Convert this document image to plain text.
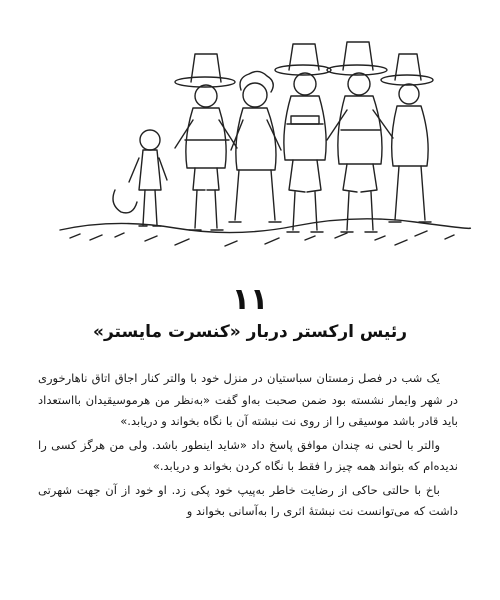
۱۱
رئیس ارکستر دربار «کنسرت مایستر»

یک شب در فصل زمستان سباستیان در منزل خود با والتر کنار اجاق اتاق ناهارخوری در شهر وایمار نشسته بود ضمن صحبت به‌او گفت «به‌نظر من هرموسیقیدان با‌استعداد باید قادر باشد موسیقی را از روی نت نبشته آن با نگاه بخواند و دریابد.»

والتر با لحنی نه چندان موافق پاسخ داد «شاید اینطور باشد. ولی من هرگز کسی را ندیده‌ام که بتواند همه چیز را فقط با نگاه کردن بخواند و دریابد.»

باخ با حالتی حاکی از رضایت خاطر به‌پیپ خود پکی زد. او خود از آن جهت شهرتی داشت که می‌توانست نت نبشتهٔ اثری را به‌آسانی بخواند و
